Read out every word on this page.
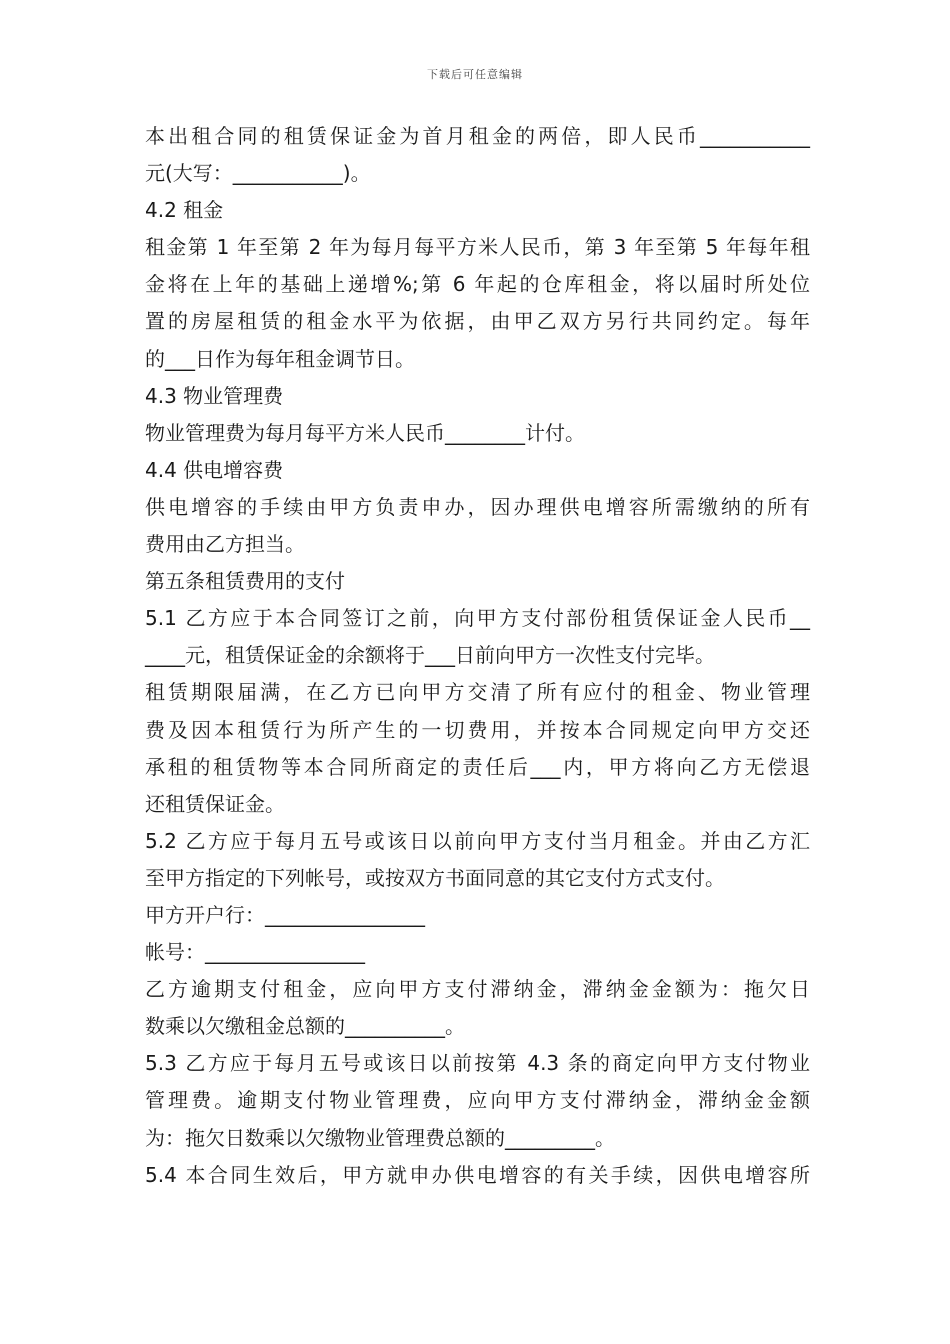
下载后可任意编辑
本出租合同的租赁保证金为首月租金的两倍，即人民币___________
元(大写：___________)。
4.2 租金
租金第 1 年至第 2 年为每月每平方米人民币，第 3 年至第 5 年每年租
金将在上年的基础上递增%;第 6 年起的仓库租金，将以届时所处位
置的房屋租赁的租金水平为依据，由甲乙双方另行共同约定。每年
的___日作为每年租金调节日。
4.3 物业管理费
物业管理费为每月每平方米人民币________计付。
4.4 供电增容费
供电增容的手续由甲方负责申办，因办理供电增容所需缴纳的所有
费用由乙方担当。
第五条租赁费用的支付
5.1 乙方应于本合同签订之前，向甲方支付部份租赁保证金人民币__
____元，租赁保证金的余额将于___日前向甲方一次性支付完毕。
租赁期限届满，在乙方已向甲方交清了所有应付的租金、物业管理
费及因本租赁行为所产生的一切费用，并按本合同规定向甲方交还
承租的租赁物等本合同所商定的责任后___内，甲方将向乙方无偿退
还租赁保证金。
5.2 乙方应于每月五号或该日以前向甲方支付当月租金。并由乙方汇
至甲方指定的下列帐号，或按双方书面同意的其它支付方式支付。
甲方开户行：________________
帐号：________________
乙方逾期支付租金，应向甲方支付滞纳金，滞纳金金额为：拖欠日
数乘以欠缴租金总额的__________。
5.3 乙方应于每月五号或该日以前按第 4.3 条的商定向甲方支付物业
管理费。逾期支付物业管理费，应向甲方支付滞纳金，滞纳金金额
为：拖欠日数乘以欠缴物业管理费总额的_________。
5.4 本合同生效后，甲方就申办供电增容的有关手续，因供电增容所
